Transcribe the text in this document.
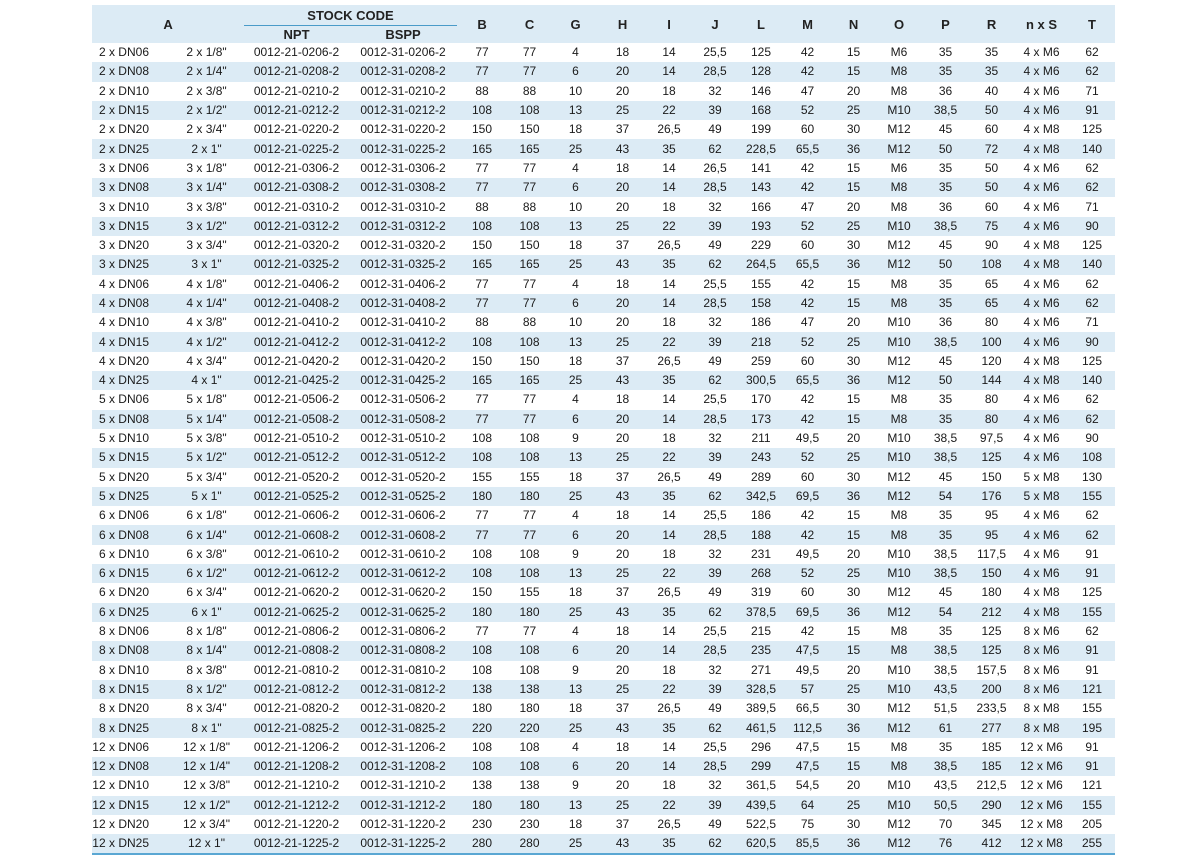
A		STOCK CODE		B	C	G	H	I	J	L	M	N	O	P	R	n x S	T
		NPT	BSPP														
2 x DN06	2 x 1/8"	0012-21-0206-2	0012-31-0206-2	77	77	4	18	14	25,5	125	42	15	M6	35	35	4 x M6	62
2 x DN08	2 x 1/4"	0012-21-0208-2	0012-31-0208-2	77	77	6	20	14	28,5	128	42	15	M8	35	35	4 x M6	62
2 x DN10	2 x 3/8"	0012-21-0210-2	0012-31-0210-2	88	88	10	20	18	32	146	47	20	M8	36	40	4 x M6	71
2 x DN15	2 x 1/2"	0012-21-0212-2	0012-31-0212-2	108	108	13	25	22	39	168	52	25	M10	38,5	50	4 x M6	91
2 x DN20	2 x 3/4"	0012-21-0220-2	0012-31-0220-2	150	150	18	37	26,5	49	199	60	30	M12	45	60	4 x M8	125
2 x DN25	2 x 1"	0012-21-0225-2	0012-31-0225-2	165	165	25	43	35	62	228,5	65,5	36	M12	50	72	4 x M8	140
3 x DN06	3 x 1/8"	0012-21-0306-2	0012-31-0306-2	77	77	4	18	14	26,5	141	42	15	M6	35	50	4 x M6	62
3 x DN08	3 x 1/4"	0012-21-0308-2	0012-31-0308-2	77	77	6	20	14	28,5	143	42	15	M8	35	50	4 x M6	62
3 x DN10	3 x 3/8"	0012-21-0310-2	0012-31-0310-2	88	88	10	20	18	32	166	47	20	M8	36	60	4 x M6	71
3 x DN15	3 x 1/2"	0012-21-0312-2	0012-31-0312-2	108	108	13	25	22	39	193	52	25	M10	38,5	75	4 x M6	90
3 x DN20	3 x 3/4"	0012-21-0320-2	0012-31-0320-2	150	150	18	37	26,5	49	229	60	30	M12	45	90	4 x M8	125
3 x DN25	3 x 1"	0012-21-0325-2	0012-31-0325-2	165	165	25	43	35	62	264,5	65,5	36	M12	50	108	4 x M8	140
4 x DN06	4 x 1/8"	0012-21-0406-2	0012-31-0406-2	77	77	4	18	14	25,5	155	42	15	M8	35	65	4 x M6	62
4 x DN08	4 x 1/4"	0012-21-0408-2	0012-31-0408-2	77	77	6	20	14	28,5	158	42	15	M8	35	65	4 x M6	62
4 x DN10	4 x 3/8"	0012-21-0410-2	0012-31-0410-2	88	88	10	20	18	32	186	47	20	M10	36	80	4 x M6	71
4 x DN15	4 x 1/2"	0012-21-0412-2	0012-31-0412-2	108	108	13	25	22	39	218	52	25	M10	38,5	100	4 x M6	90
4 x DN20	4 x 3/4"	0012-21-0420-2	0012-31-0420-2	150	150	18	37	26,5	49	259	60	30	M12	45	120	4 x M8	125
4 x DN25	4 x 1"	0012-21-0425-2	0012-31-0425-2	165	165	25	43	35	62	300,5	65,5	36	M12	50	144	4 x M8	140
5 x DN06	5 x 1/8"	0012-21-0506-2	0012-31-0506-2	77	77	4	18	14	25,5	170	42	15	M8	35	80	4 x M6	62
5 x DN08	5 x 1/4"	0012-21-0508-2	0012-31-0508-2	77	77	6	20	14	28,5	173	42	15	M8	35	80	4 x M6	62
5 x DN10	5 x 3/8"	0012-21-0510-2	0012-31-0510-2	108	108	9	20	18	32	211	49,5	20	M10	38,5	97,5	4 x M6	90
5 x DN15	5 x 1/2"	0012-21-0512-2	0012-31-0512-2	108	108	13	25	22	39	243	52	25	M10	38,5	125	4 x M6	108
5 x DN20	5 x 3/4"	0012-21-0520-2	0012-31-0520-2	155	155	18	37	26,5	49	289	60	30	M12	45	150	5 x M8	130
5 x DN25	5 x 1"	0012-21-0525-2	0012-31-0525-2	180	180	25	43	35	62	342,5	69,5	36	M12	54	176	5 x M8	155
6 x DN06	6 x 1/8"	0012-21-0606-2	0012-31-0606-2	77	77	4	18	14	25,5	186	42	15	M8	35	95	4 x M6	62
6 x DN08	6 x 1/4"	0012-21-0608-2	0012-31-0608-2	77	77	6	20	14	28,5	188	42	15	M8	35	95	4 x M6	62
6 x DN10	6 x 3/8"	0012-21-0610-2	0012-31-0610-2	108	108	9	20	18	32	231	49,5	20	M10	38,5	117,5	4 x M6	91
6 x DN15	6 x 1/2"	0012-21-0612-2	0012-31-0612-2	108	108	13	25	22	39	268	52	25	M10	38,5	150	4 x M6	91
6 x DN20	6 x 3/4"	0012-21-0620-2	0012-31-0620-2	150	155	18	37	26,5	49	319	60	30	M12	45	180	4 x M8	125
6 x DN25	6 x 1"	0012-21-0625-2	0012-31-0625-2	180	180	25	43	35	62	378,5	69,5	36	M12	54	212	4 x M8	155
8 x DN06	8 x 1/8"	0012-21-0806-2	0012-31-0806-2	77	77	4	18	14	25,5	215	42	15	M8	35	125	8 x M6	62
8 x DN08	8 x 1/4"	0012-21-0808-2	0012-31-0808-2	108	108	6	20	14	28,5	235	47,5	15	M8	38,5	125	8 x M6	91
8 x DN10	8 x 3/8"	0012-21-0810-2	0012-31-0810-2	108	108	9	20	18	32	271	49,5	20	M10	38,5	157,5	8 x M6	91
8 x DN15	8 x 1/2"	0012-21-0812-2	0012-31-0812-2	138	138	13	25	22	39	328,5	57	25	M10	43,5	200	8 x M6	121
8 x DN20	8 x 3/4"	0012-21-0820-2	0012-31-0820-2	180	180	18	37	26,5	49	389,5	66,5	30	M12	51,5	233,5	8 x M8	155
8 x DN25	8 x 1"	0012-21-0825-2	0012-31-0825-2	220	220	25	43	35	62	461,5	112,5	36	M12	61	277	8 x M8	195
12 x DN06	12 x 1/8"	0012-21-1206-2	0012-31-1206-2	108	108	4	18	14	25,5	296	47,5	15	M8	35	185	12 x M6	91
12 x DN08	12 x 1/4"	0012-21-1208-2	0012-31-1208-2	108	108	6	20	14	28,5	299	47,5	15	M8	38,5	185	12 x M6	91
12 x DN10	12 x 3/8"	0012-21-1210-2	0012-31-1210-2	138	138	9	20	18	32	361,5	54,5	20	M10	43,5	212,5	12 x M6	121
12 x DN15	12 x 1/2"	0012-21-1212-2	0012-31-1212-2	180	180	13	25	22	39	439,5	64	25	M10	50,5	290	12 x M6	155
12 x DN20	12 x 3/4"	0012-21-1220-2	0012-31-1220-2	230	230	18	37	26,5	49	522,5	75	30	M12	70	345	12 x M8	205
12 x DN25	12 x 1"	0012-21-1225-2	0012-31-1225-2	280	280	25	43	35	62	620,5	85,5	36	M12	76	412	12 x M8	255
